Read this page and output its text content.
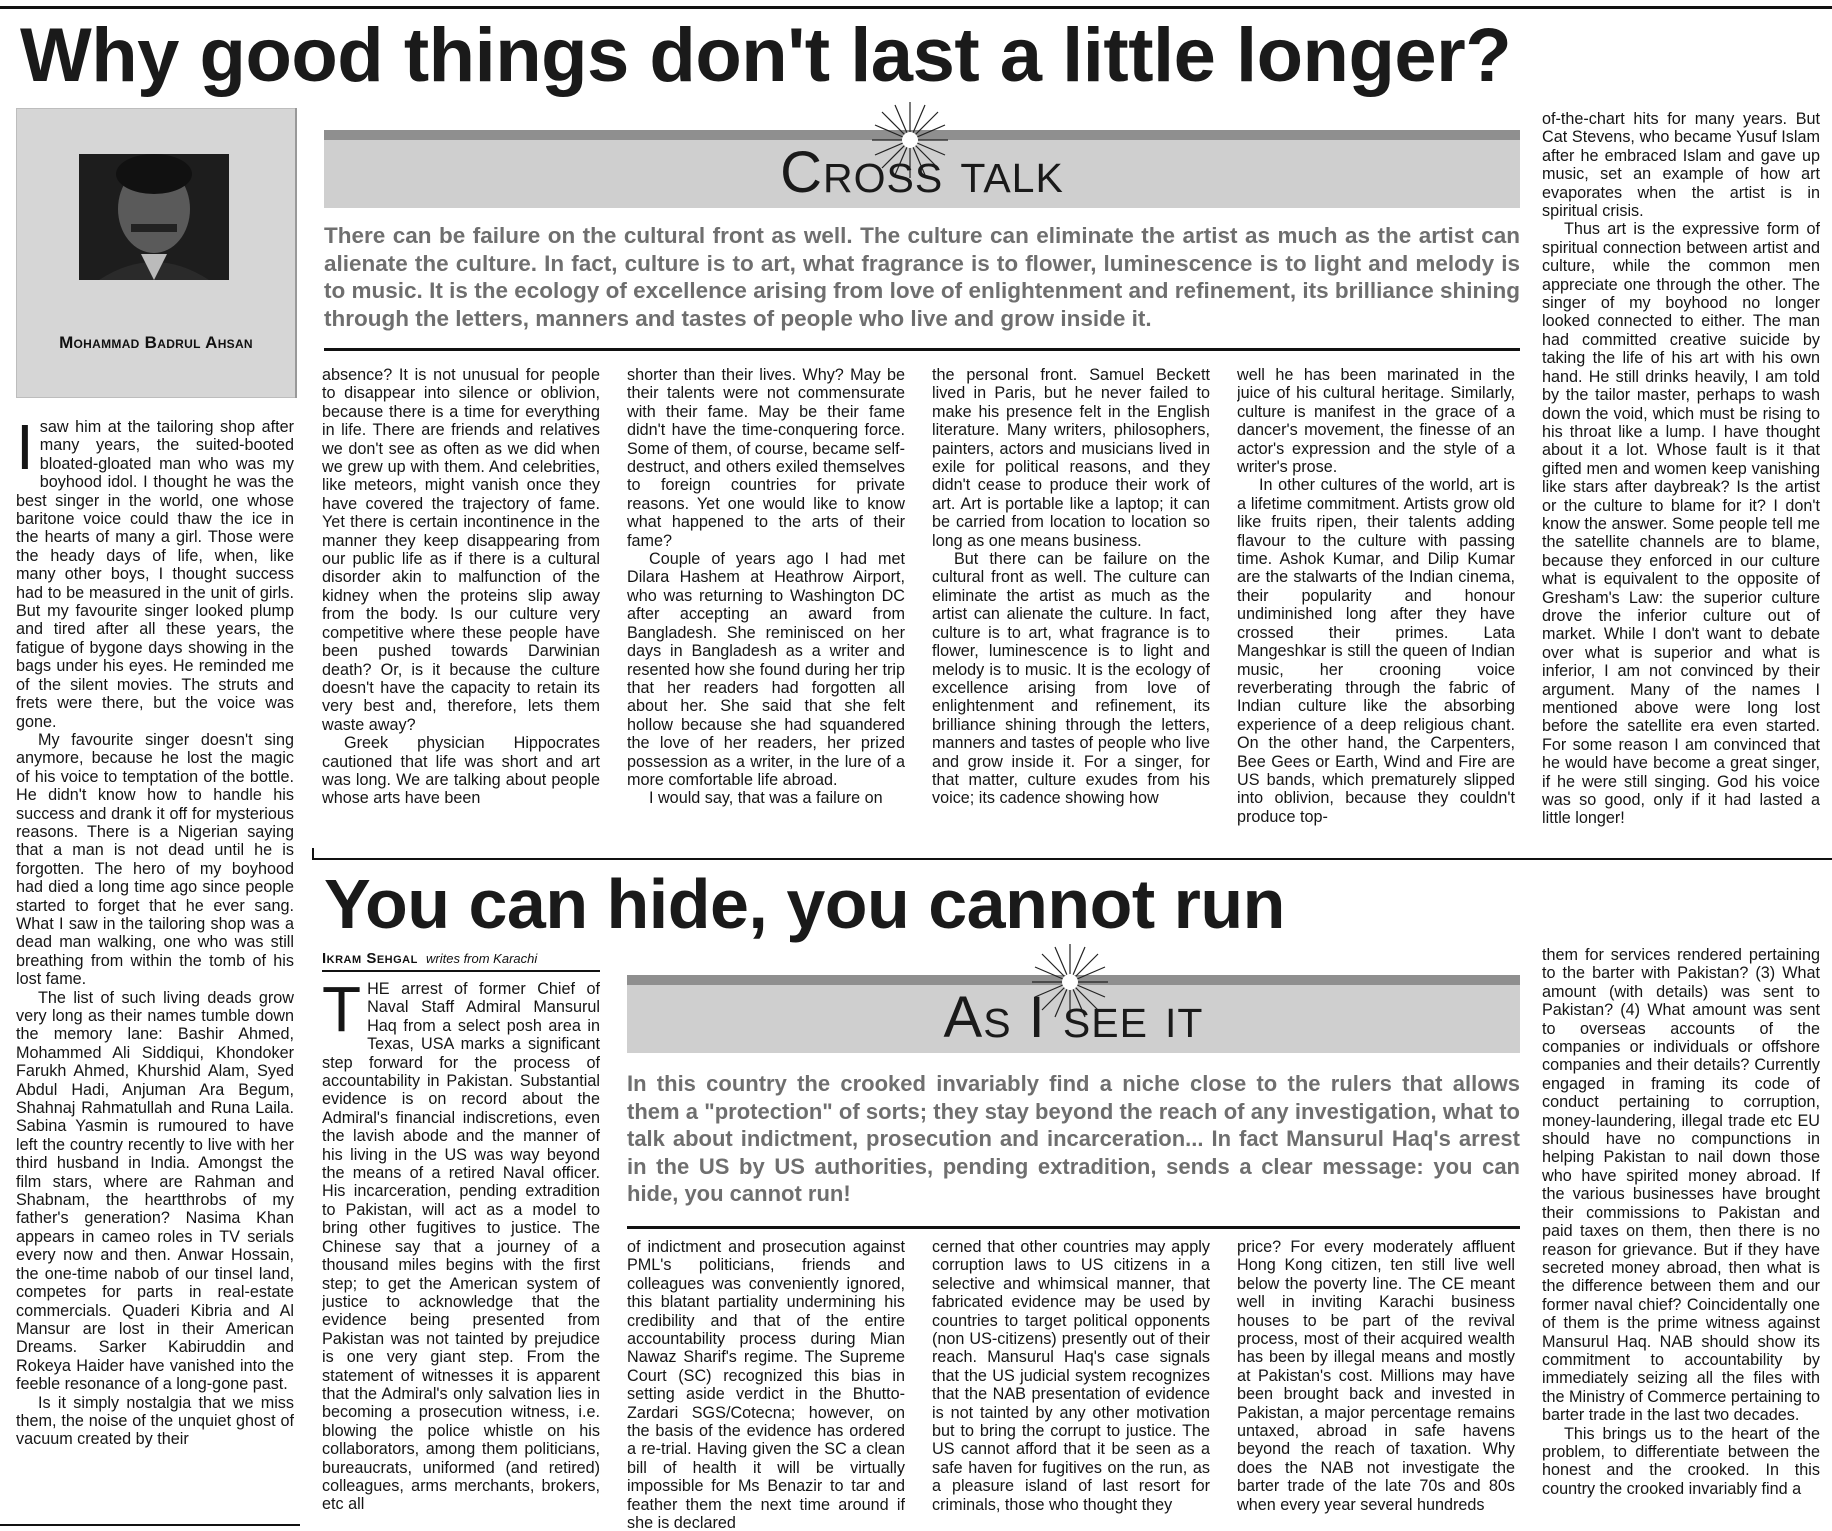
Why good things don't last a little longer?
Mohammad Badrul Ahsan
Cross talk
There can be failure on the cultural front as well. The culture can eliminate the artist as much as the artist can alienate the culture. In fact, culture is to art, what fragrance is to flower, luminescence is to light and melody is to music. It is the ecology of excellence arising from love of enlightenment and refinement, its brilliance shining through the letters, manners and tastes of people who live and grow inside it.
I saw him at the tailoring shop after many years, the suited-booted bloated-gloated man who was my boyhood idol. I thought he was the best singer in the world, one whose baritone voice could thaw the ice in the hearts of many a girl. Those were the heady days of life, when, like many other boys, I thought success had to be measured in the unit of girls. But my favourite singer looked plump and tired after all these years, the fatigue of bygone days showing in the bags under his eyes. He reminded me of the silent movies. The struts and frets were there, but the voice was gone.

My favourite singer doesn't sing anymore, because he lost the magic of his voice to temptation of the bottle. He didn't know how to handle his success and drank it off for mysterious reasons. There is a Nigerian saying that a man is not dead until he is forgotten. The hero of my boyhood had died a long time ago since people started to forget that he ever sang. What I saw in the tailoring shop was a dead man walking, one who was still breathing from within the tomb of his lost fame.

The list of such living deads grow very long as their names tumble down the memory lane: Bashir Ahmed, Mohammed Ali Siddiqui, Khondoker Farukh Ahmed, Khurshid Alam, Syed Abdul Hadi, Anjuman Ara Begum, Shahnaj Rahmatullah and Runa Laila. Sabina Yasmin is rumoured to have left the country recently to live with her third husband in India. Amongst the film stars, where are Rahman and Shabnam, the heartthrobs of my father's generation? Nasima Khan appears in cameo roles in TV serials every now and then. Anwar Hossain, the one-time nabob of our tinsel land, competes for parts in real-estate commercials. Quaderi Kibria and Al Mansur are lost in their American Dreams. Sarker Kabiruddin and Rokeya Haider have vanished into the feeble resonance of a long-gone past.

Is it simply nostalgia that we miss them, the noise of the unquiet ghost of vacuum created by their

absence? It is not unusual for people to disappear into silence or oblivion, because there is a time for everything in life. There are friends and relatives we don't see as often as we did when we grew up with them. And celebrities, like meteors, might vanish once they have covered the trajectory of fame. Yet there is certain incontinence in the manner they keep disappearing from our public life as if there is a cultural disorder akin to malfunction of the kidney when the proteins slip away from the body. Is our culture very competitive where these people have been pushed towards Darwinian death? Or, is it because the culture doesn't have the capacity to retain its very best and, therefore, lets them waste away?

Greek physician Hippocrates cautioned that life was short and art was long. We are talking about people whose arts have been

shorter than their lives. Why? May be their talents were not commensurate with their fame. May be their fame didn't have the time-conquering force. Some of them, of course, became self-destruct, and others exiled themselves to foreign countries for private reasons. Yet one would like to know what happened to the arts of their fame?

Couple of years ago I had met Dilara Hashem at Heathrow Airport, who was returning to Washington DC after accepting an award from Bangladesh. She reminisced on her days in Bangladesh as a writer and resented how she found during her trip that her readers had forgotten all about her. She said that she felt hollow because she had squandered the love of her readers, her prized possession as a writer, in the lure of a more comfortable life abroad.

I would say, that was a failure on

the personal front. Samuel Beckett lived in Paris, but he never failed to make his presence felt in the English literature. Many writers, philosophers, painters, actors and musicians lived in exile for political reasons, and they didn't cease to produce their work of art. Art is portable like a laptop; it can be carried from location to location so long as one means business.

But there can be failure on the cultural front as well. The culture can eliminate the artist as much as the artist can alienate the culture. In fact, culture is to art, what fragrance is to flower, luminescence is to light and melody is to music. It is the ecology of excellence arising from love of enlightenment and refinement, its brilliance shining through the letters, manners and tastes of people who live and grow inside it. For a singer, for that matter, culture exudes from his voice; its cadence showing how

well he has been marinated in the juice of his cultural heritage. Similarly, culture is manifest in the grace of a dancer's movement, the finesse of an actor's expression and the style of a writer's prose.

In other cultures of the world, art is a lifetime commitment. Artists grow old like fruits ripen, their talents adding flavour to the culture with passing time. Ashok Kumar, and Dilip Kumar are the stalwarts of the Indian cinema, their popularity and honour undiminished long after they have crossed their primes. Lata Mangeshkar is still the queen of Indian music, her crooning voice reverberating through the fabric of Indian culture like the absorbing experience of a deep religious chant. On the other hand, the Carpenters, Bee Gees or Earth, Wind and Fire are US bands, which prematurely slipped into oblivion, because they couldn't produce top-

of-the-chart hits for many years. But Cat Stevens, who became Yusuf Islam after he embraced Islam and gave up music, set an example of how art evaporates when the artist is in spiritual crisis.

Thus art is the expressive form of spiritual connection between artist and culture, while the common men appreciate one through the other. The singer of my boyhood no longer looked connected to either. The man had committed creative suicide by taking the life of his art with his own hand. He still drinks heavily, I am told by the tailor master, perhaps to wash down the void, which must be rising to his throat like a lump. I have thought about it a lot. Whose fault is it that gifted men and women keep vanishing like stars after daybreak? Is the artist or the culture to blame for it? I don't know the answer. Some people tell me the satellite channels are to blame, because they enforced in our culture what is equivalent to the opposite of Gresham's Law: the superior culture drove the inferior culture out of market. While I don't want to debate over what is superior and what is inferior, I am not convinced by their argument. Many of the names I mentioned above were long lost before the satellite era even started. For some reason I am convinced that he would have become a great singer, if he were still singing. God his voice was so good, only if it had lasted a little longer!

You can hide, you cannot run
Ikram Sehgal writes from Karachi
As I see it
In this country the crooked invariably find a niche close to the rulers that allows them a "protection" of sorts; they stay beyond the reach of any investigation, what to talk about indictment, prosecution and incarceration... In fact Mansurul Haq's arrest in the US by US authorities, pending extradition, sends a clear message: you can hide, you cannot run!
T HE arrest of former Chief of Naval Staff Admiral Mansurul Haq from a select posh area in Texas, USA marks a significant step forward for the process of accountability in Pakistan. Substantial evidence is on record about the Admiral's financial indiscretions, even the lavish abode and the manner of his living in the US was way beyond the means of a retired Naval officer. His incarceration, pending extradition to Pakistan, will act as a model to bring other fugitives to justice. The Chinese say that a journey of a thousand miles begins with the first step; to get the American system of justice to acknowledge that the evidence being presented from Pakistan was not tainted by prejudice is one very giant step. From the statement of witnesses it is apparent that the Admiral's only salvation lies in becoming a prosecution witness, i.e. blowing the police whistle on his collaborators, among them politicians, bureaucrats, uniformed (and retired) colleagues, arms merchants, brokers, etc all

of indictment and prosecution against PML's politicians, friends and colleagues was conveniently ignored, this blatant partiality undermining his credibility and that of the entire accountability process during Mian Nawaz Sharif's regime. The Supreme Court (SC) recognized this bias in setting aside verdict in the Bhutto-Zardari SGS/Cotecna; however, on the basis of the evidence has ordered a re-trial. Having given the SC a clean bill of health it will be virtually impossible for Ms Benazir to tar and feather them the next time around if she is declared

cerned that other countries may apply corruption laws to US citizens in a selective and whimsical manner, that fabricated evidence may be used by countries to target political opponents (non US-citizens) presently out of their reach. Mansurul Haq's case signals that the US judicial system recognizes that the NAB presentation of evidence is not tainted by any other motivation but to bring the corrupt to justice. The US cannot afford that it be seen as a safe haven for fugitives on the run, as a pleasure island of last resort for criminals, those who thought they

price? For every moderately affluent Hong Kong citizen, ten still live well below the poverty line. The CE meant well in inviting Karachi business houses to be part of the revival process, most of their acquired wealth has been by illegal means and mostly at Pakistan's cost. Millions may have been brought back and invested in Pakistan, a major percentage remains untaxed, abroad in safe havens beyond the reach of taxation. Why does the NAB not investigate the barter trade of the late 70s and 80s when every year several hundreds

them for services rendered pertaining to the barter with Pakistan? (3) What amount (with details) was sent to Pakistan? (4) What amount was sent to overseas accounts of the companies or individuals or offshore companies and their details? Currently engaged in framing its code of conduct pertaining to corruption, money-laundering, illegal trade etc EU should have no compunctions in helping Pakistan to nail down those who have spirited money abroad. If the various businesses have brought their commissions to Pakistan and paid taxes on them, then there is no reason for grievance. But if they have secreted money abroad, then what is the difference between them and our former naval chief? Coincidentally one of them is the prime witness against Mansurul Haq. NAB should show its commitment to accountability by immediately seizing all the files with the Ministry of Commerce pertaining to barter trade in the last two decades.

This brings us to the heart of the problem, to differentiate between the honest and the crooked. In this country the crooked invariably find a
